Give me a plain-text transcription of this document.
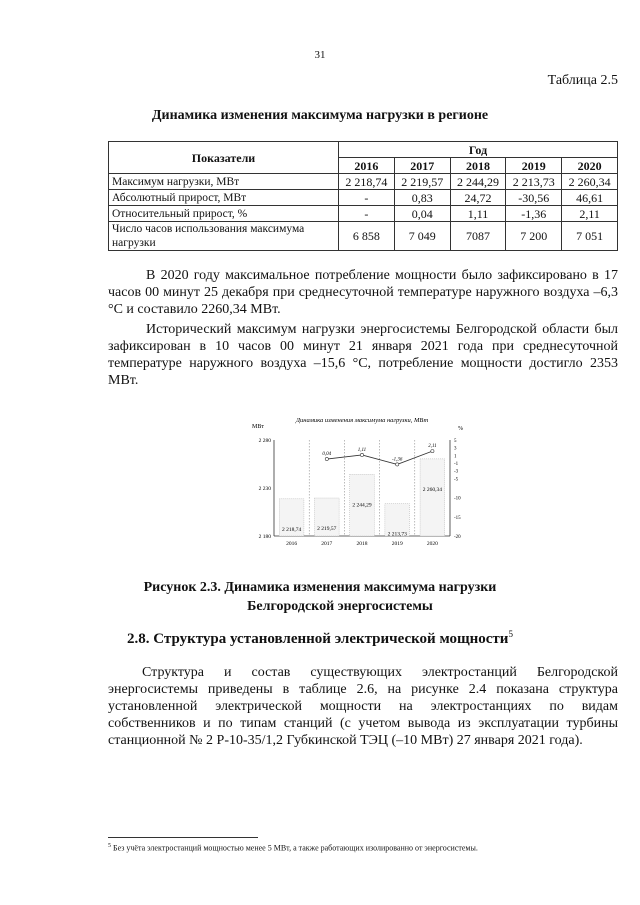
31
Таблица 2.5
Динамика изменения максимума нагрузки в регионе
Показатели	Год				
	2016	2017	2018	2019	2020
Максимум нагрузки, МВт	2 218,74	2 219,57	2 244,29	2 213,73	2 260,34
Абсолютный прирост, МВт	-	0,83	24,72	-30,56	46,61
Относительный прирост, %	-	0,04	1,11	-1,36	2,11
Число часов использования максимума нагрузки	6 858	7 049	7087	7 200	7 051
В 2020 году максимальное потребление мощности было зафиксировано в 17 часов 00 минут 25 декабря при среднесуточной температуре наружного воздуха –6,3 °С и составило 2260,34 МВт.
Исторический максимум нагрузки энергосистемы Белгородской области был зафиксирован в 10 часов 00 минут 21 января 2021 года при среднесуточной температуре наружного воздуха –15,6 °С, потребление мощности достигло 2353 МВт.
МВт
Динамика изменения максимума нагрузки, МВт
%
2 280
2 230
2 180
5
3
1
-1
-3
-5
-10
-15
-20
2 218,74
2016
2 219,57
2017
2 244,29
2018
2 213,73
2019
2 260,34
2020
0,04
1,11
-1,36
2,11
Рисунок 2.3. Динамика изменения максимума нагрузки
Белгородской энергосистемы
2.8. Структура установленной электрической мощности$^5$
Структура и состав существующих электростанций Белгородской энергосистемы приведены в таблице 2.6, на рисунке 2.4 показана структура установленной электрической мощности на электростанциях по видам собственников и по типам станций (с учетом вывода из эксплуатации турбины станционной № 2 Р-10-35/1,2 Губкинской ТЭЦ (–10 МВт) 27 января 2021 года).
$^5$ Без учёта электростанций мощностью менее 5 МВт, а также работающих изолированно от энергосистемы.
